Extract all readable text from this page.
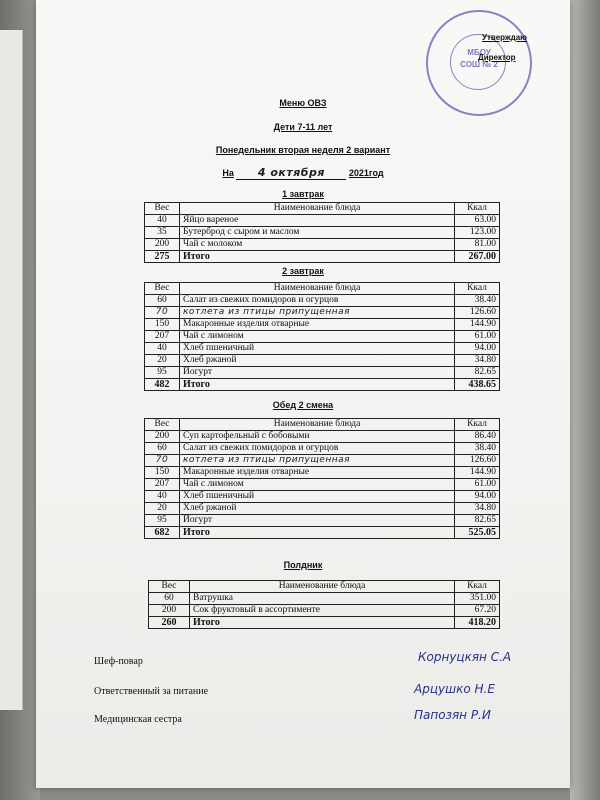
МБОУ
СОШ № 2
Утверждаю
Директор
Меню ОВЗ
Дети 7-11 лет
Понедельник вторая неделя 2 вариант
На 4 октября	2021год
1 завтрак
Вес	Наименование блюда	Ккал
40	Яйцо вареное	63.00
35	Бутерброд с сыром и маслом	123.00
200	Чай с молоком	81.00
275	Итого	267.00
2 завтрак
Вес	Наименование блюда	Ккал
60	Салат из свежих помидоров и огурцов	38.40
70	котлета из птицы припущенная	126.60
150	Макаронные изделия отварные	144.90
207	Чай с лимоном	61.00
40	Хлеб пшеничный	94.00
20	Хлеб ржаной	34.80
95	Йогурт	82.65
482	Итого	438.65
Обед 2 смена
Вес	Наименование блюда	Ккал
200	Суп картофельный с бобовыми	86.40
60	Салат из свежих помидоров и огурцов	38.40
70	котлета из птицы припущенная	126.60
150	Макаронные изделия отварные	144.90
207	Чай с лимоном	61.00
40	Хлеб пшеничный	94.00
20	Хлеб ржаной	34.80
95	Йогурт	82.65
682	Итого	525.05
Полдник
Вес	Наименование блюда	Ккал
60	Ватрушка	351.00
200	Сок фруктовый в ассортименте	67.20
260	Итого	418.20
Шеф-повар	Корнуцкян С.А
Ответственный за питание	Арцушко Н.Е
Медицинская сестра	Папозян Р.И
